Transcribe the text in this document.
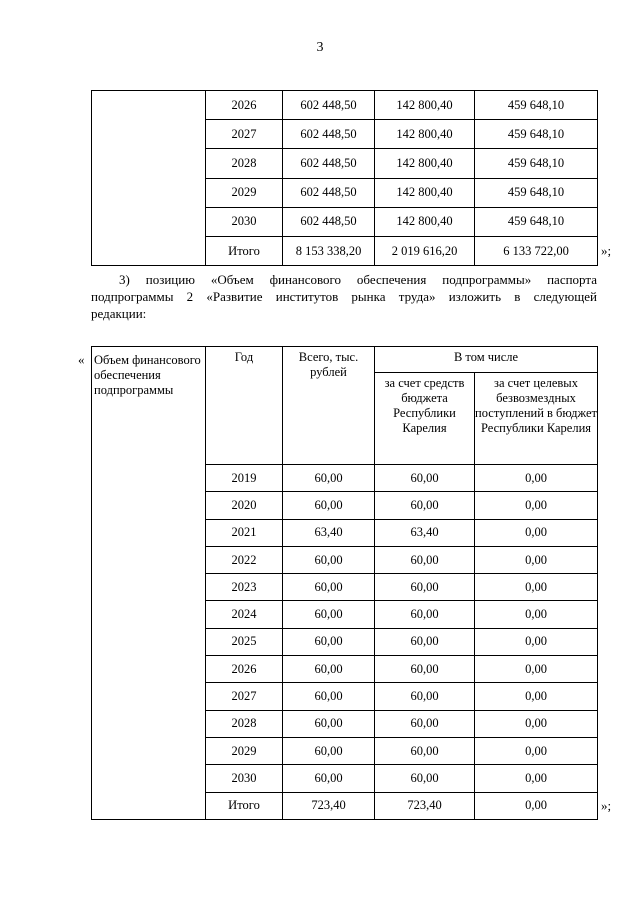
3
	2026	602 448,50	142 800,40	459 648,10
	2027	602 448,50	142 800,40	459 648,10
	2028	602 448,50	142 800,40	459 648,10
	2029	602 448,50	142 800,40	459 648,10
	2030	602 448,50	142 800,40	459 648,10
	Итого	8 153 338,20	2 019 616,20	6 133 722,00 »;
3) позицию «Объем финансового обеспечения подпрограммы» паспорта
подпрограммы 2 «Развитие институтов рынка труда» изложить в следующей
редакции:
« Объем финансового обеспечения подпрограммы	Год	Всего, тыс. рублей	В том числе	
			за счет средств бюджета Республики Карелия	за счет целевых безвозмездных поступлений в бюджет Республики Карелия
	2019	60,00	60,00	0,00
	2020	60,00	60,00	0,00
	2021	63,40	63,40	0,00
	2022	60,00	60,00	0,00
	2023	60,00	60,00	0,00
	2024	60,00	60,00	0,00
	2025	60,00	60,00	0,00
	2026	60,00	60,00	0,00
	2027	60,00	60,00	0,00
	2028	60,00	60,00	0,00
	2029	60,00	60,00	0,00
	2030	60,00	60,00	0,00
	Итого	723,40	723,40	0,00	»;
